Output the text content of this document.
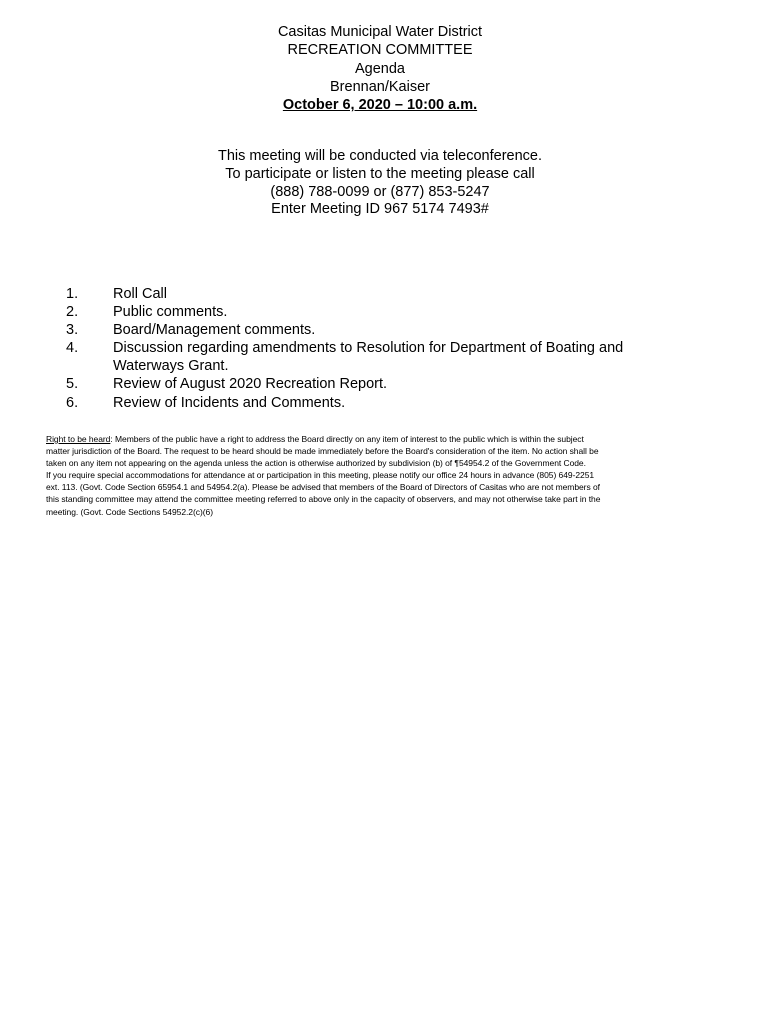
Casitas Municipal Water District
RECREATION COMMITTEE
Agenda
Brennan/Kaiser
October 6, 2020 – 10:00 a.m.
This meeting will be conducted via teleconference.
To participate or listen to the meeting please call
(888) 788-0099 or (877) 853-5247
Enter Meeting ID 967 5174 7493#
1. Roll Call
2. Public comments.
3. Board/Management comments.
4. Discussion regarding amendments to Resolution for Department of Boating and Waterways Grant.
5. Review of August 2020 Recreation Report.
6. Review of Incidents and Comments.
Right to be heard: Members of the public have a right to address the Board directly on any item of interest to the public which is within the subject
matter jurisdiction of the Board. The request to be heard should be made immediately before the Board's consideration of the item. No action shall be
taken on any item not appearing on the agenda unless the action is otherwise authorized by subdivision (b) of ¶54954.2 of the Government Code.
If you require special accommodations for attendance at or participation in this meeting, please notify our office 24 hours in advance (805) 649-2251
ext. 113. (Govt. Code Section 65954.1 and 54954.2(a). Please be advised that members of the Board of Directors of Casitas who are not members of
this standing committee may attend the committee meeting referred to above only in the capacity of observers, and may not otherwise take part in the
meeting. (Govt. Code Sections 54952.2(c)(6)
